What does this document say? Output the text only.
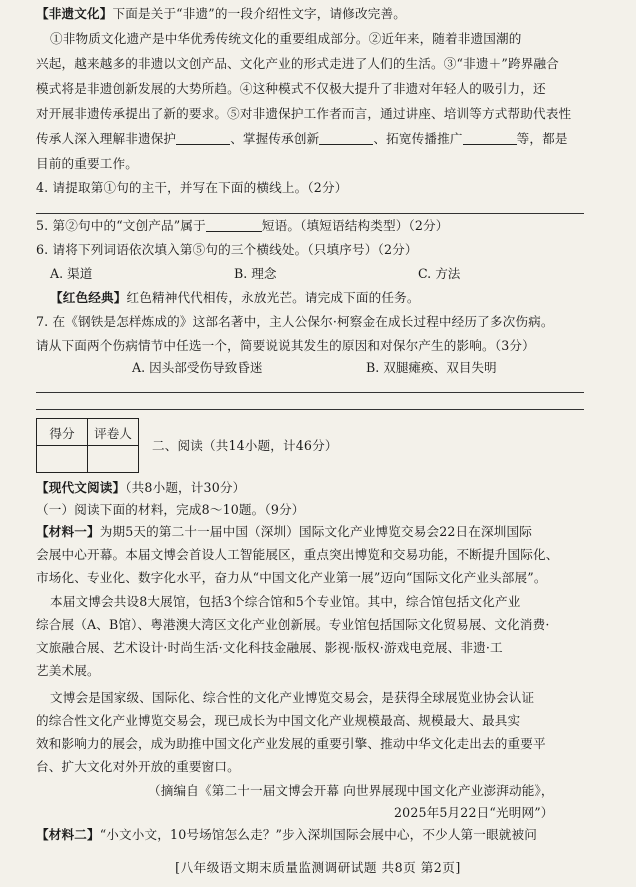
【非遗文化】下面是关于“非遗”的一段介绍性文字，请修改完善。
①非物质文化遗产是中华优秀传统文化的重要组成部分。②近年来，随着非遗国潮的
兴起，越来越多的非遗以文创产品、文化产业的形式走进了人们的生活。③“非遗＋”跨界融合
模式将是非遗创新发展的大势所趋。④这种模式不仅极大提升了非遗对年轻人的吸引力，还
对开展非遗传承提出了新的要求。⑤对非遗保护工作者而言，通过讲座、培训等方式帮助代表性
传承人深入理解非遗保护	、掌握传承创新	、拓宽传播推广	等，都是
目前的重要工作。
4. 请提取第①句的主干，并写在下面的横线上。（2分）
5. 第②句中的“文创产品”属于	短语。（填短语结构类型）（2分）
6. 请将下列词语依次填入第⑤句的三个横线处。（只填序号）（2分）
A. 渠道	B. 理念	C. 方法
【红色经典】红色精神代代相传，永放光芒。请完成下面的任务。
7. 在《钢铁是怎样炼成的》这部名著中，主人公保尔·柯察金在成长过程中经历了多次伤病。
请从下面两个伤病情节中任选一个，简要说说其发生的原因和对保尔产生的影响。（3分）
A. 因头部受伤导致昏迷	B. 双腿瘫痪、双目失明
得分	评卷人

二、阅读（共14小题，计46分）
【现代文阅读】（共8小题，计30分）
（一）阅读下面的材料，完成8～10题。（9分）
【材料一】为期5天的第二十一届中国（深圳）国际文化产业博览交易会22日在深圳国际
会展中心开幕。本届文博会首设人工智能展区，重点突出博览和交易功能，不断提升国际化、
市场化、专业化、数字化水平，奋力从“中国文化产业第一展”迈向“国际文化产业头部展”。
本届文博会共设8大展馆，包括3个综合馆和5个专业馆。其中，综合馆包括文化产业
综合展（A、B馆）、粤港澳大湾区文化产业创新展。专业馆包括国际文化贸易展、文化消费·
文旅融合展、艺术设计·时尚生活·文化科技金融展、影视·版权·游戏电竞展、非遗·工
艺美术展。
文博会是国家级、国际化、综合性的文化产业博览交易会，是获得全球展览业协会认证
的综合性文化产业博览交易会，现已成长为中国文化产业规模最高、规模最大、最具实
效和影响力的展会，成为助推中国文化产业发展的重要引擎、推动中华文化走出去的重要平
台、扩大文化对外开放的重要窗口。
（摘编自《第二十一届文博会开幕 向世界展现中国文化产业澎湃动能》，
2025年5月22日“光明网”）
【材料二】“小文小文，10号场馆怎么走？”步入深圳国际会展中心，不少人第一眼就被问
[八年级语文期末质量监测调研试题 共8页 第2页]
